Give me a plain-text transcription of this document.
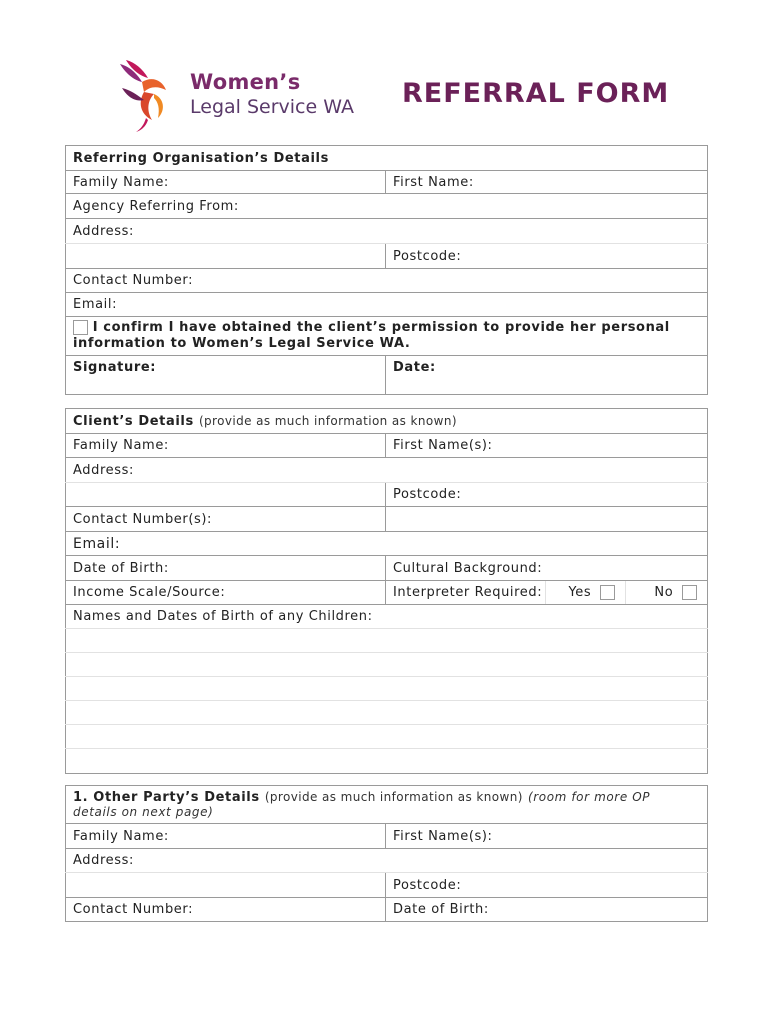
Women’s
Legal Service WA REFERRAL FORM
Referring Organisation’s Details	
Family Name:	First Name:
Agency Referring From:	
Address:	
	Postcode:
Contact Number:	
Email:	
I confirm I have obtained the client’s permission to provide her personal
information to Women’s Legal Service WA.	
Signature:	Date:
Client’s Details (provide as much information as known)			
Family Name:	First Name(s):		
Address:			
	Postcode:		
Contact Number(s):			
Email:			
Date of Birth:	Cultural Background:		
Income Scale/Source:	Interpreter Required:	Yes	No
Names and Dates of Birth of any Children:			

1. Other Party’s Details (provide as much information as known) (room for more OP
details on next page)	
Family Name:	First Name(s):
Address:	
	Postcode:
Contact Number:	Date of Birth:
